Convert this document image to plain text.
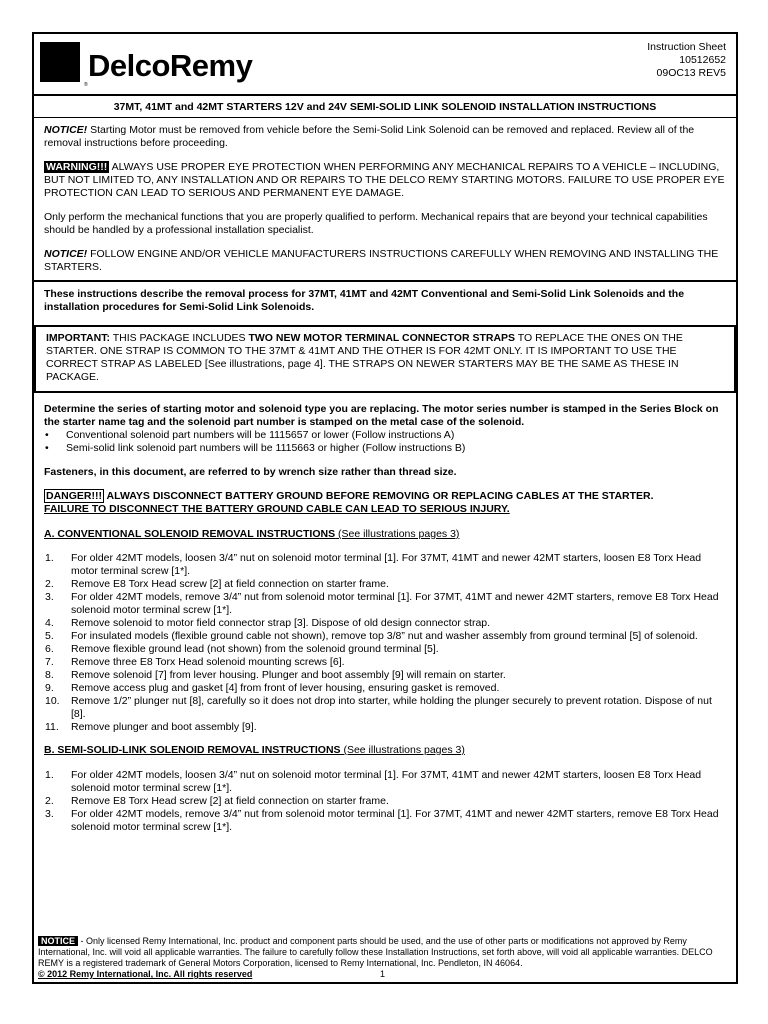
®
DelcoRemy
Instruction Sheet
10512652
09OC13 REV5
37MT, 41MT and 42MT STARTERS 12V and 24V SEMI-SOLID LINK SOLENOID INSTALLATION INSTRUCTIONS

NOTICE! Starting Motor must be removed from vehicle before the Semi-Solid Link Solenoid can be removed and replaced. Review all of the removal instructions before proceeding.

WARNING!!! ALWAYS USE PROPER EYE PROTECTION WHEN PERFORMING ANY MECHANICAL REPAIRS TO A VEHICLE – INCLUDING, BUT NOT LIMITED TO, ANY INSTALLATION AND OR REPAIRS TO THE DELCO REMY STARTING MOTORS. FAILURE TO USE PROPER EYE PROTECTION CAN LEAD TO SERIOUS AND PERMANENT EYE DAMAGE.

Only perform the mechanical functions that you are properly qualified to perform. Mechanical repairs that are beyond your technical capabilities should be handled by a professional installation specialist.

NOTICE! FOLLOW ENGINE AND/OR VEHICLE MANUFACTURERS INSTRUCTIONS CAREFULLY WHEN REMOVING AND INSTALLING THE STARTERS.

These instructions describe the removal process for 37MT, 41MT and 42MT Conventional and Semi-Solid Link Solenoids and the installation procedures for Semi-Solid Link Solenoids.

IMPORTANT: THIS PACKAGE INCLUDES TWO NEW MOTOR TERMINAL CONNECTOR STRAPS TO REPLACE THE ONES ON THE STARTER. ONE STRAP IS COMMON TO THE 37MT & 41MT AND THE OTHER IS FOR 42MT ONLY. IT IS IMPORTANT TO USE THE CORRECT STRAP AS LABELED [See illustrations, page 4]. THE STRAPS ON NEWER STARTERS MAY BE THE SAME AS THESE IN PACKAGE.

Determine the series of starting motor and solenoid type you are replacing. The motor series number is stamped in the Series Block on the starter name tag and the solenoid part number is stamped on the metal case of the solenoid.

• Conventional solenoid part numbers will be 1115657 or lower (Follow instructions A)
• Semi-solid link solenoid part numbers will be 1115663 or higher (Follow instructions B)

Fasteners, in this document, are referred to by wrench size rather than thread size.

DANGER!!! ALWAYS DISCONNECT BATTERY GROUND BEFORE REMOVING OR REPLACING CABLES AT THE STARTER.
FAILURE TO DISCONNECT THE BATTERY GROUND CABLE CAN LEAD TO SERIOUS INJURY.

A. CONVENTIONAL SOLENOID REMOVAL INSTRUCTIONS (See illustrations pages 3)

1. For older 42MT models, loosen 3/4” nut on solenoid motor terminal [1]. For 37MT, 41MT and newer 42MT starters, loosen E8 Torx Head motor terminal screw [1*].
2. Remove E8 Torx Head screw [2] at field connection on starter frame.
3. For older 42MT models, remove 3/4” nut from solenoid motor terminal [1]. For 37MT, 41MT and newer 42MT starters, remove E8 Torx Head solenoid motor terminal screw [1*].
4. Remove solenoid to motor field connector strap [3]. Dispose of old design connector strap.
5. For insulated models (flexible ground cable not shown), remove top 3/8” nut and washer assembly from ground terminal [5] of solenoid.
6. Remove flexible ground lead (not shown) from the solenoid ground terminal [5].
7. Remove three E8 Torx Head solenoid mounting screws [6].
8. Remove solenoid [7] from lever housing. Plunger and boot assembly [9] will remain on starter.
9. Remove access plug and gasket [4] from front of lever housing, ensuring gasket is removed.
10. Remove 1/2” plunger nut [8], carefully so it does not drop into starter, while holding the plunger securely to prevent rotation. Dispose of nut [8].
11. Remove plunger and boot assembly [9].

B. SEMI-SOLID-LINK SOLENOID REMOVAL INSTRUCTIONS (See illustrations pages 3)

1. For older 42MT models, loosen 3/4” nut on solenoid motor terminal [1]. For 37MT, 41MT and newer 42MT starters, loosen E8 Torx Head solenoid motor terminal screw [1*].
2. Remove E8 Torx Head screw [2] at field connection on starter frame.
3. For older 42MT models, remove 3/4” nut from solenoid motor terminal [1]. For 37MT, 41MT and newer 42MT starters, remove E8 Torx Head solenoid motor terminal screw [1*].
NOTICE - Only licensed Remy International, Inc. product and component parts should be used, and the use of other parts or modifications not approved by Remy International, Inc. will void all applicable warranties. The failure to carefully follow these Installation Instructions, set forth above, will void all applicable warranties. DELCO REMY is a registered trademark of General Motors Corporation, licensed to Remy International, Inc. Pendleton, IN 46064.
© 2012 Remy International, Inc. All rights reserved	1
